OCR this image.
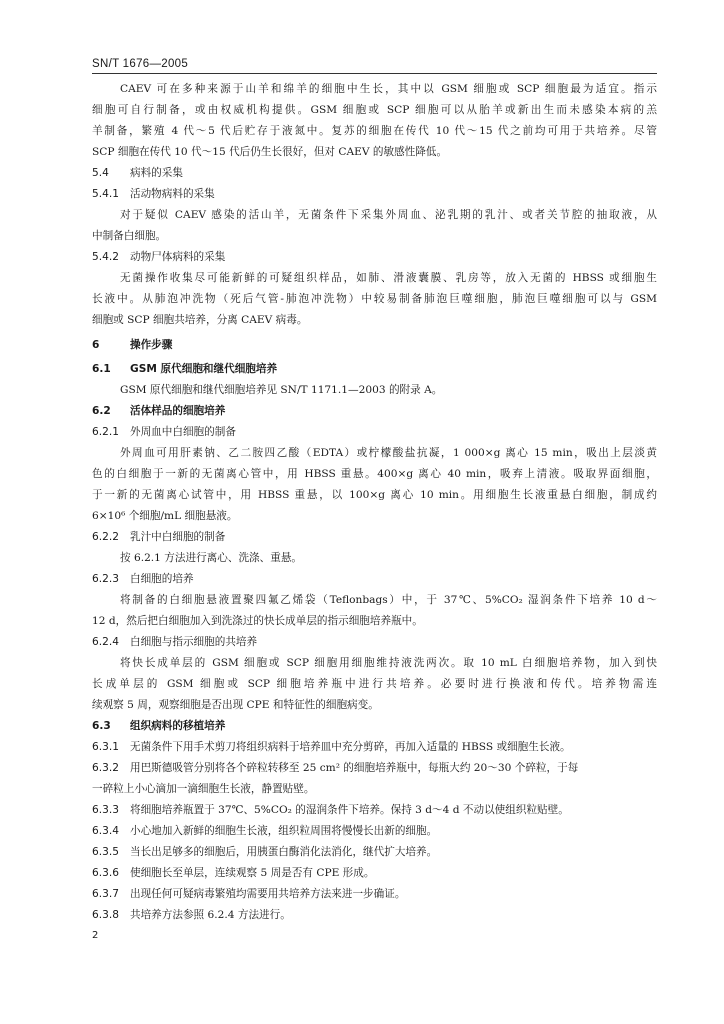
SN/T 1676—2005
CAEV 可在多种来源于山羊和绵羊的细胞中生长，其中以 GSM 细胞或 SCP 细胞最为适宜。指示
细胞可自行制备，或由权威机构提供。GSM 细胞或 SCP 细胞可以从胎羊或新出生而未感染本病的羔
羊制备，繁殖 4 代～5 代后贮存于液氮中。复苏的细胞在传代 10 代～15 代之前均可用于共培养。尽管
SCP 细胞在传代 10 代～15 代后仍生长很好，但对 CAEV 的敏感性降低。
5.4 病料的采集
5.4.1 活动物病料的采集
对于疑似 CAEV 感染的活山羊，无菌条件下采集外周血、泌乳期的乳汁、或者关节腔的抽取液，从
中制备白细胞。
5.4.2 动物尸体病料的采集
无菌操作收集尽可能新鲜的可疑组织样品，如肺、滑液囊膜、乳房等，放入无菌的 HBSS 或细胞生
长液中。从肺泡冲洗物（死后气管-肺泡冲洗物）中较易制备肺泡巨噬细胞，肺泡巨噬细胞可以与 GSM
细胞或 SCP 细胞共培养，分离 CAEV 病毒。
6	操作步骤
6.1 GSM 原代细胞和继代细胞培养
GSM 原代细胞和继代细胞培养见 SN/T 1171.1—2003 的附录 A。
6.2 活体样品的细胞培养
6.2.1 外周血中白细胞的制备
外周血可用肝素钠、乙二胺四乙酸（EDTA）或柠檬酸盐抗凝，1 000×g 离心 15 min，吸出上层淡黄
色的白细胞于一新的无菌离心管中，用 HBSS 重悬。400×g 离心 40 min，吸弃上清液。吸取界面细胞，
于一新的无菌离心试管中，用 HBSS 重悬，以 100×g 离心 10 min。用细胞生长液重悬白细胞，制成约
6×10⁶ 个细胞/mL 细胞悬液。
6.2.2 乳汁中白细胞的制备
按 6.2.1 方法进行离心、洗涤、重悬。
6.2.3 白细胞的培养
将制备的白细胞悬液置聚四氟乙烯袋（Teflonbags）中，于 37℃、5%CO₂ 湿润条件下培养 10 d～
12 d，然后把白细胞加入到洗涤过的快长成单层的指示细胞培养瓶中。
6.2.4 白细胞与指示细胞的共培养
将快长成单层的 GSM 细胞或 SCP 细胞用细胞维持液洗两次。取 10 mL 白细胞培养物，加入到快
长成单层的 GSM 细胞或 SCP 细胞培养瓶中进行共培养。必要时进行换液和传代。培养物需连
续观察 5 周，观察细胞是否出现 CPE 和特征性的细胞病变。
6.3 组织病料的移植培养
6.3.1 无菌条件下用手术剪刀将组织病料于培养皿中充分剪碎，再加入适量的 HBSS 或细胞生长液。
6.3.2 用巴斯德吸管分别将各个碎粒转移至 25 cm² 的细胞培养瓶中，每瓶大约 20～30 个碎粒，于每
一碎粒上小心滴加一滴细胞生长液，静置贴壁。
6.3.3 将细胞培养瓶置于 37℃、5%CO₂ 的湿润条件下培养。保持 3 d～4 d 不动以使组织粒贴壁。
6.3.4 小心地加入新鲜的细胞生长液，组织粒周围将慢慢长出新的细胞。
6.3.5 当长出足够多的细胞后，用胰蛋白酶消化法消化，继代扩大培养。
6.3.6 使细胞长至单层，连续观察 5 周是否有 CPE 形成。
6.3.7 出现任何可疑病毒繁殖均需要用共培养方法来进一步确证。
6.3.8 共培养方法参照 6.2.4 方法进行。
2
